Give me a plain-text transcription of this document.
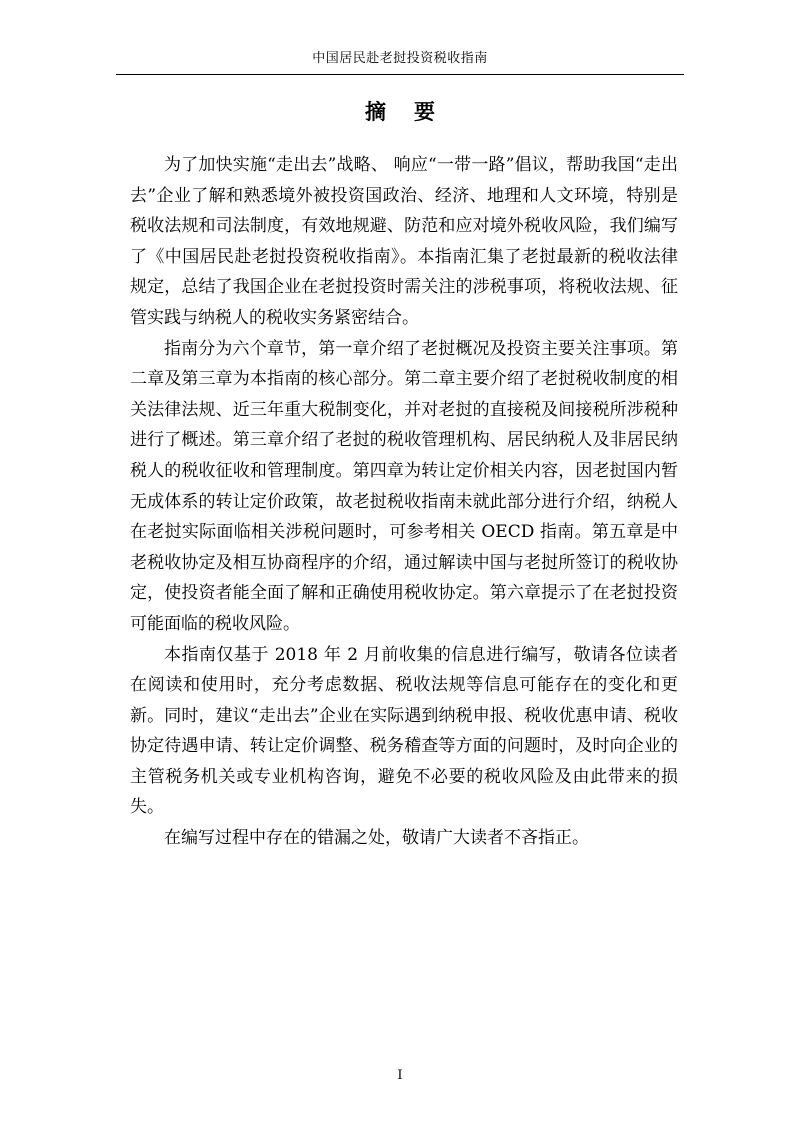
中国居民赴老挝投资税收指南
摘要

为了加快实施“走出去”战略、 响应“一带一路”倡议，帮助我国“走出去”企业了解和熟悉境外被投资国政治、经济、地理和人文环境，特别是税收法规和司法制度，有效地规避、防范和应对境外税收风险，我们编写了《中国居民赴老挝投资税收指南》。本指南汇集了老挝最新的税收法律规定，总结了我国企业在老挝投资时需关注的涉税事项，将税收法规、征管实践与纳税人的税收实务紧密结合。

指南分为六个章节，第一章介绍了老挝概况及投资主要关注事项。第二章及第三章为本指南的核心部分。第二章主要介绍了老挝税收制度的相关法律法规、近三年重大税制变化，并对老挝的直接税及间接税所涉税种进行了概述。第三章介绍了老挝的税收管理机构、居民纳税人及非居民纳税人的税收征收和管理制度。第四章为转让定价相关内容，因老挝国内暂无成体系的转让定价政策，故老挝税收指南未就此部分进行介绍，纳税人在老挝实际面临相关涉税问题时，可参考相关 OECD 指南。第五章是中老税收协定及相互协商程序的介绍，通过解读中国与老挝所签订的税收协定，使投资者能全面了解和正确使用税收协定。第六章提示了在老挝投资可能面临的税收风险。

本指南仅基于 2018 年 2 月前收集的信息进行编写，敬请各位读者在阅读和使用时，充分考虑数据、税收法规等信息可能存在的变化和更新。同时，建议“走出去”企业在实际遇到纳税申报、税收优惠申请、税收协定待遇申请、转让定价调整、税务稽查等方面的问题时，及时向企业的主管税务机关或专业机构咨询，避免不必要的税收风险及由此带来的损失。

在编写过程中存在的错漏之处，敬请广大读者不吝指正。

I
